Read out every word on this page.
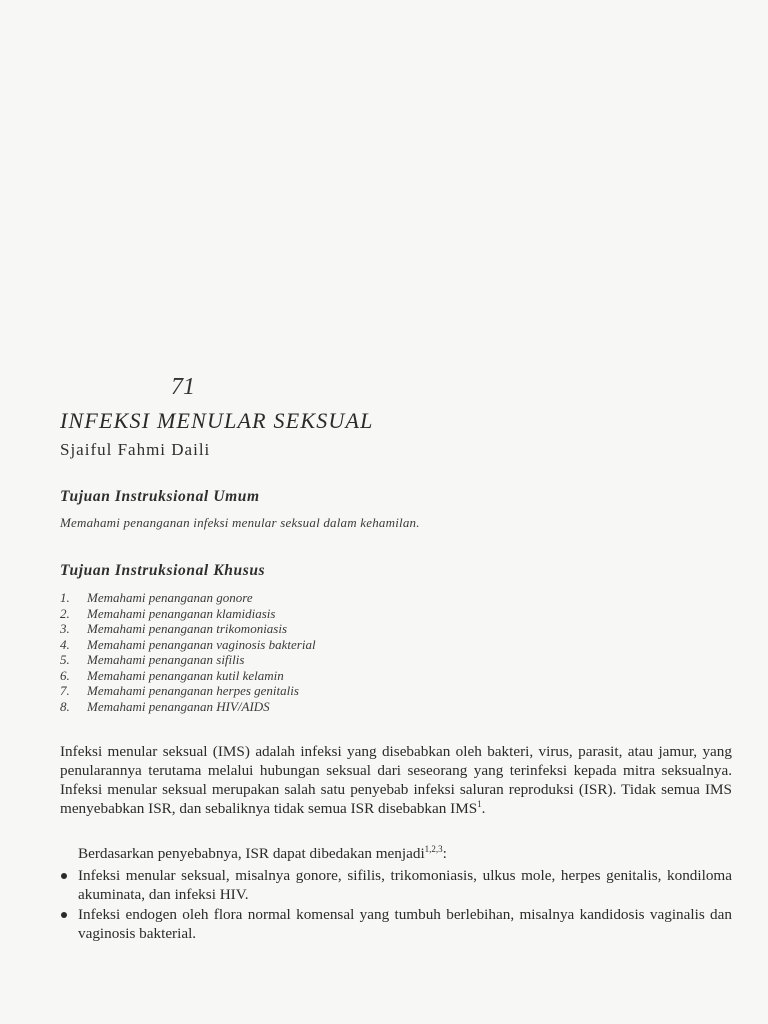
71
INFEKSI MENULAR SEKSUAL
Sjaiful Fahmi Daili
Tujuan Instruksional Umum
Memahami penanganan infeksi menular seksual dalam kehamilan.
Tujuan Instruksional Khusus
1. Memahami penanganan gonore
2. Memahami penanganan klamidiasis
3. Memahami penanganan trikomoniasis
4. Memahami penanganan vaginosis bakterial
5. Memahami penanganan sifilis
6. Memahami penanganan kutil kelamin
7. Memahami penanganan herpes genitalis
8. Memahami penanganan HIV/AIDS

Infeksi menular seksual (IMS) adalah infeksi yang disebabkan oleh bakteri, virus, parasit, atau jamur, yang penularannya terutama melalui hubungan seksual dari seseorang yang terinfeksi kepada mitra seksualnya. Infeksi menular seksual merupakan salah satu penyebab infeksi saluran reproduksi (ISR). Tidak semua IMS menyebabkan ISR, dan sebaliknya tidak semua ISR disebabkan IMS$^1$.

Berdasarkan penyebabnya, ISR dapat dibedakan menjadi$^{1,2,3}$:

Infeksi menular seksual, misalnya gonore, sifilis, trikomoniasis, ulkus mole, herpes genitalis, kondiloma akuminata, dan infeksi HIV.
Infeksi endogen oleh flora normal komensal yang tumbuh berlebihan, misalnya kandidosis vaginalis dan vaginosis bakterial.
